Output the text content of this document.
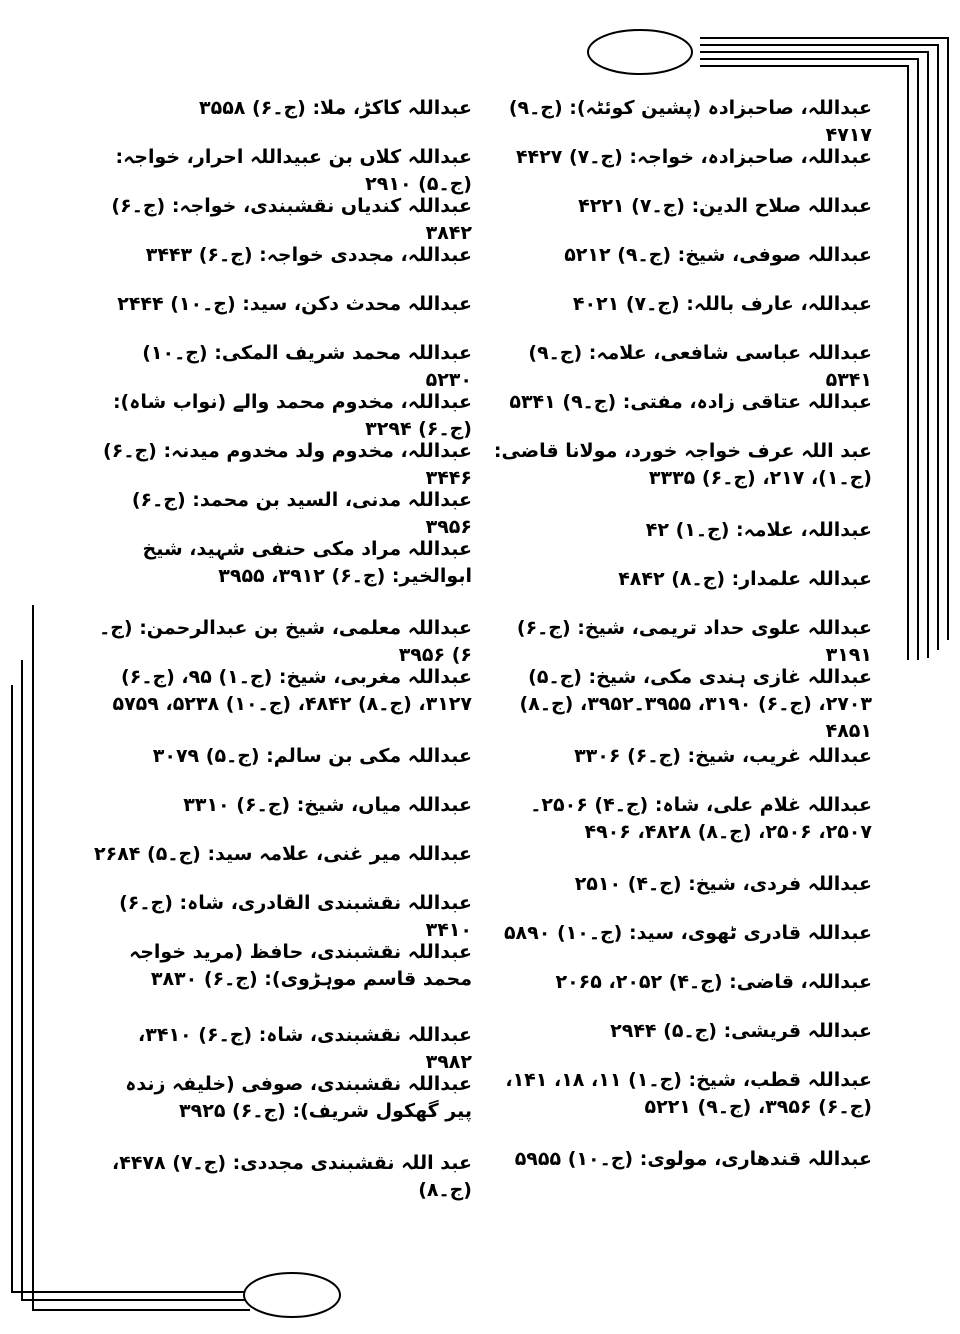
عبداللہ، صاحبزادہ (پشین کوئٹہ): (ج۔۹) ۴۷۱۷
عبداللہ، صاحبزادہ، خواجہ: (ج۔۷) ۴۴۲۷
عبداللہ صلاح الدین: (ج۔۷) ۴۲۲۱
عبداللہ صوفی، شیخ: (ج۔۹) ۵۲۱۲
عبداللہ، عارف باللہ: (ج۔۷) ۴۰۲۱
عبداللہ عباسی شافعی، علامہ: (ج۔۹) ۵۳۴۱
عبداللہ عتاقی زادہ، مفتی: (ج۔۹) ۵۳۴۱
عبد اللہ عرف خواجہ خورد، مولانا قاضی: (ج۔۱)، ۲۱۷، (ج۔۶) ۳۳۳۵
عبداللہ، علامہ: (ج۔۱) ۴۲
عبداللہ علمدار: (ج۔۸) ۴۸۴۲
عبداللہ علوی حداد تریمی، شیخ: (ج۔۶) ۳۱۹۱
عبداللہ غازی ہندی مکی، شیخ: (ج۔۵) ۲۷۰۳، (ج۔۶) ۳۱۹۰، ۳۹۵۵۔۳۹۵۲، (ج۔۸) ۴۸۵۱
عبداللہ غریب، شیخ: (ج۔۶) ۳۳۰۶
عبداللہ غلام علی، شاہ: (ج۔۴) ۲۵۰۶۔۲۵۰۷، ۲۵۰۶، (ج۔۸) ۴۸۲۸، ۴۹۰۶
عبداللہ فردی، شیخ: (ج۔۴) ۲۵۱۰
عبداللہ قادری ٹھوی، سید: (ج۔۱۰) ۵۸۹۰
عبداللہ، قاضی: (ج۔۴) ۲۰۵۲، ۲۰۶۵
عبداللہ قریشی: (ج۔۵) ۲۹۴۴
عبداللہ قطب، شیخ: (ج۔۱) ۱۱، ۱۸، ۱۴۱، (ج۔۶) ۳۹۵۶، (ج۔۹) ۵۲۲۱
عبداللہ قندھاری، مولوی: (ج۔۱۰) ۵۹۵۵
عبداللہ کاکڑ، ملا: (ج۔۶) ۳۵۵۸
عبداللہ کلاں بن عبیداللہ احرار، خواجہ: (ج۔۵) ۲۹۱۰
عبداللہ کندیاں نقشبندی، خواجہ: (ج۔۶) ۳۸۴۲
عبداللہ، مجددی خواجہ: (ج۔۶) ۳۴۴۳
عبداللہ محدث دکن، سید: (ج۔۱۰) ۲۴۴۴
عبداللہ محمد شریف المکی: (ج۔۱۰) ۵۲۳۰
عبداللہ، مخدوم محمد والے (نواب شاہ): (ج۔۶) ۳۲۹۴
عبداللہ، مخدوم ولد مخدوم میدنہ: (ج۔۶) ۳۴۴۶
عبداللہ مدنی، السید بن محمد: (ج۔۶) ۳۹۵۶
عبداللہ مراد مکی حنفی شہید، شیخ ابوالخیر: (ج۔۶) ۳۹۱۲، ۳۹۵۵
عبداللہ معلمی، شیخ بن عبدالرحمن: (ج۔۶) ۳۹۵۶
عبداللہ مغربی، شیخ: (ج۔۱) ۹۵، (ج۔۶) ۳۱۲۷، (ج۔۸) ۴۸۴۲، (ج۔۱۰) ۵۲۳۸، ۵۷۵۹
عبداللہ مکی بن سالم: (ج۔۵) ۳۰۷۹
عبداللہ میاں، شیخ: (ج۔۶) ۳۳۱۰
عبداللہ میر غنی، علامہ سید: (ج۔۵) ۲۶۸۴
عبداللہ نقشبندی القادری، شاہ: (ج۔۶) ۳۴۱۰
عبداللہ نقشبندی، حافظ (مرید خواجہ محمد قاسم موہڑوی): (ج۔۶) ۳۸۳۰
عبداللہ نقشبندی، شاہ: (ج۔۶) ۳۴۱۰، ۳۹۸۲
عبداللہ نقشبندی، صوفی (خلیفہ زندہ پیر گھکول شریف): (ج۔۶) ۳۹۲۵
عبد اللہ نقشبندی مجددی: (ج۔۷) ۴۴۷۸، (ج۔۸)
